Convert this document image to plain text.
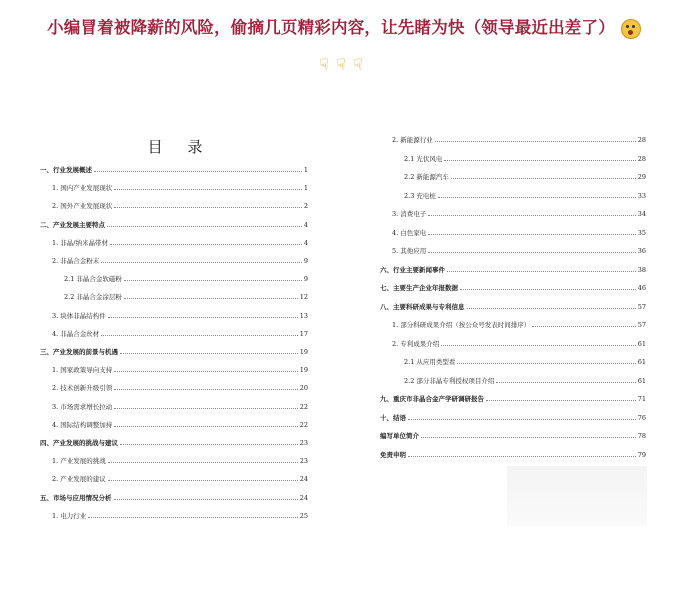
小编冒着被降薪的风险，偷摘几页精彩内容，让先睹为快（领导最近出差了）
☟ ☟ ☟
目 录
一、行业发展概述	1
1. 国内产业发展现状	1
2. 国外产业发展现状	2
二、产业发展主要特点	4
1. 非晶/纳米晶带材	4
2. 非晶合金粉末	9
2.1 非晶合金软磁粉	9
2.2 非晶合金涂层粉	12
3. 块体非晶结构件	13
4. 非晶合金丝材	17
三、产业发展的前景与机遇	19
1. 国家政策导向支持	19
2. 技术创新升级引领	20
3. 市场需求增长拉动	22
4. 国际结构调整加持	22
四、产业发展的挑战与建议	23
1. 产业发展的挑战	23
2. 产业发展的建议	24
五、市场与应用情况分析	24
1. 电力行业	25
2. 新能源行业	28
2.1 光伏风电	28
2.2 新能源汽车	29
2.3 充电桩	33
3. 消费电子	34
4. 白色家电	35
5. 其他应用	36
六、行业主要新闻事件	38
七、主要生产企业年报数据	46
八、主要科研成果与专利信息	57
1. 部分科研成果介绍（按公众号发表时间排序）	57
2. 专利成果介绍	61
2.1 从应用类型看	61
2.2 部分非晶专利授权项目介绍	61
九、重庆市非晶合金产学研调研报告	71
十、结语	76
编写单位简介	78
免责申明	79
